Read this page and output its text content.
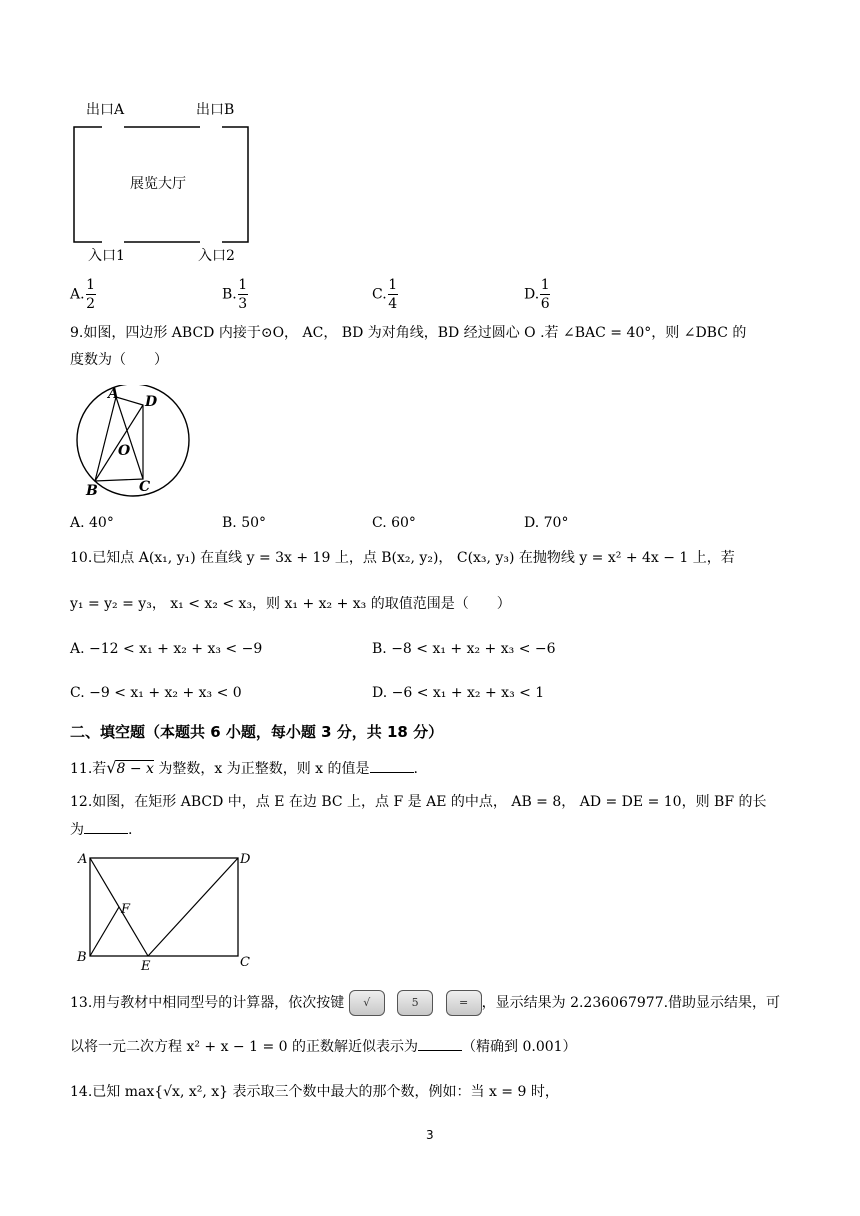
出口A	出口B
展览大厅
入口1	入口2
A. $\frac{1}{2}$	B. $\frac{1}{3}$	C. $\frac{1}{4}$	D. $\frac{1}{6}$
9.如图，四边形 ABCD 内接于⊙O， AC， BD 为对角线，BD 经过圆心 O .若 ∠BAC = 40°，则 ∠DBC 的
度数为（　　）
A D
O
B	C
A. 40°	B. 50°	C. 60°	D. 70°
10.已知点 A(x₁, y₁) 在直线 y = 3x + 19 上，点 B(x₂, y₂)， C(x₃, y₃) 在抛物线 y = x² + 4x − 1 上，若
y₁ = y₂ = y₃， x₁ < x₂ < x₃，则 x₁ + x₂ + x₃ 的取值范围是（　　）
A. −12 < x₁ + x₂ + x₃ < −9	B. −8 < x₁ + x₂ + x₃ < −6
C. −9 < x₁ + x₂ + x₃ < 0	D. −6 < x₁ + x₂ + x₃ < 1
二、填空题（本题共 6 小题，每小题 3 分，共 18 分）
11.若√8 − x 为整数，x 为正整数，则 x 的值是	.
12.如图，在矩形 ABCD 中，点 E 在边 BC 上，点 F 是 AE 的中点， AB = 8， AD = DE = 10，则 BF 的长
为	.
A	D
F
B
E	C
13.用与教材中相同型号的计算器，依次按键 √	5	= ，显示结果为 2.236067977.借助显示结果，可
以将一元二次方程 x² + x − 1 = 0 的正数解近似表示为	（精确到 0.001）
14.已知 max{√x, x², x} 表示取三个数中最大的那个数，例如：当 x = 9 时，
3
